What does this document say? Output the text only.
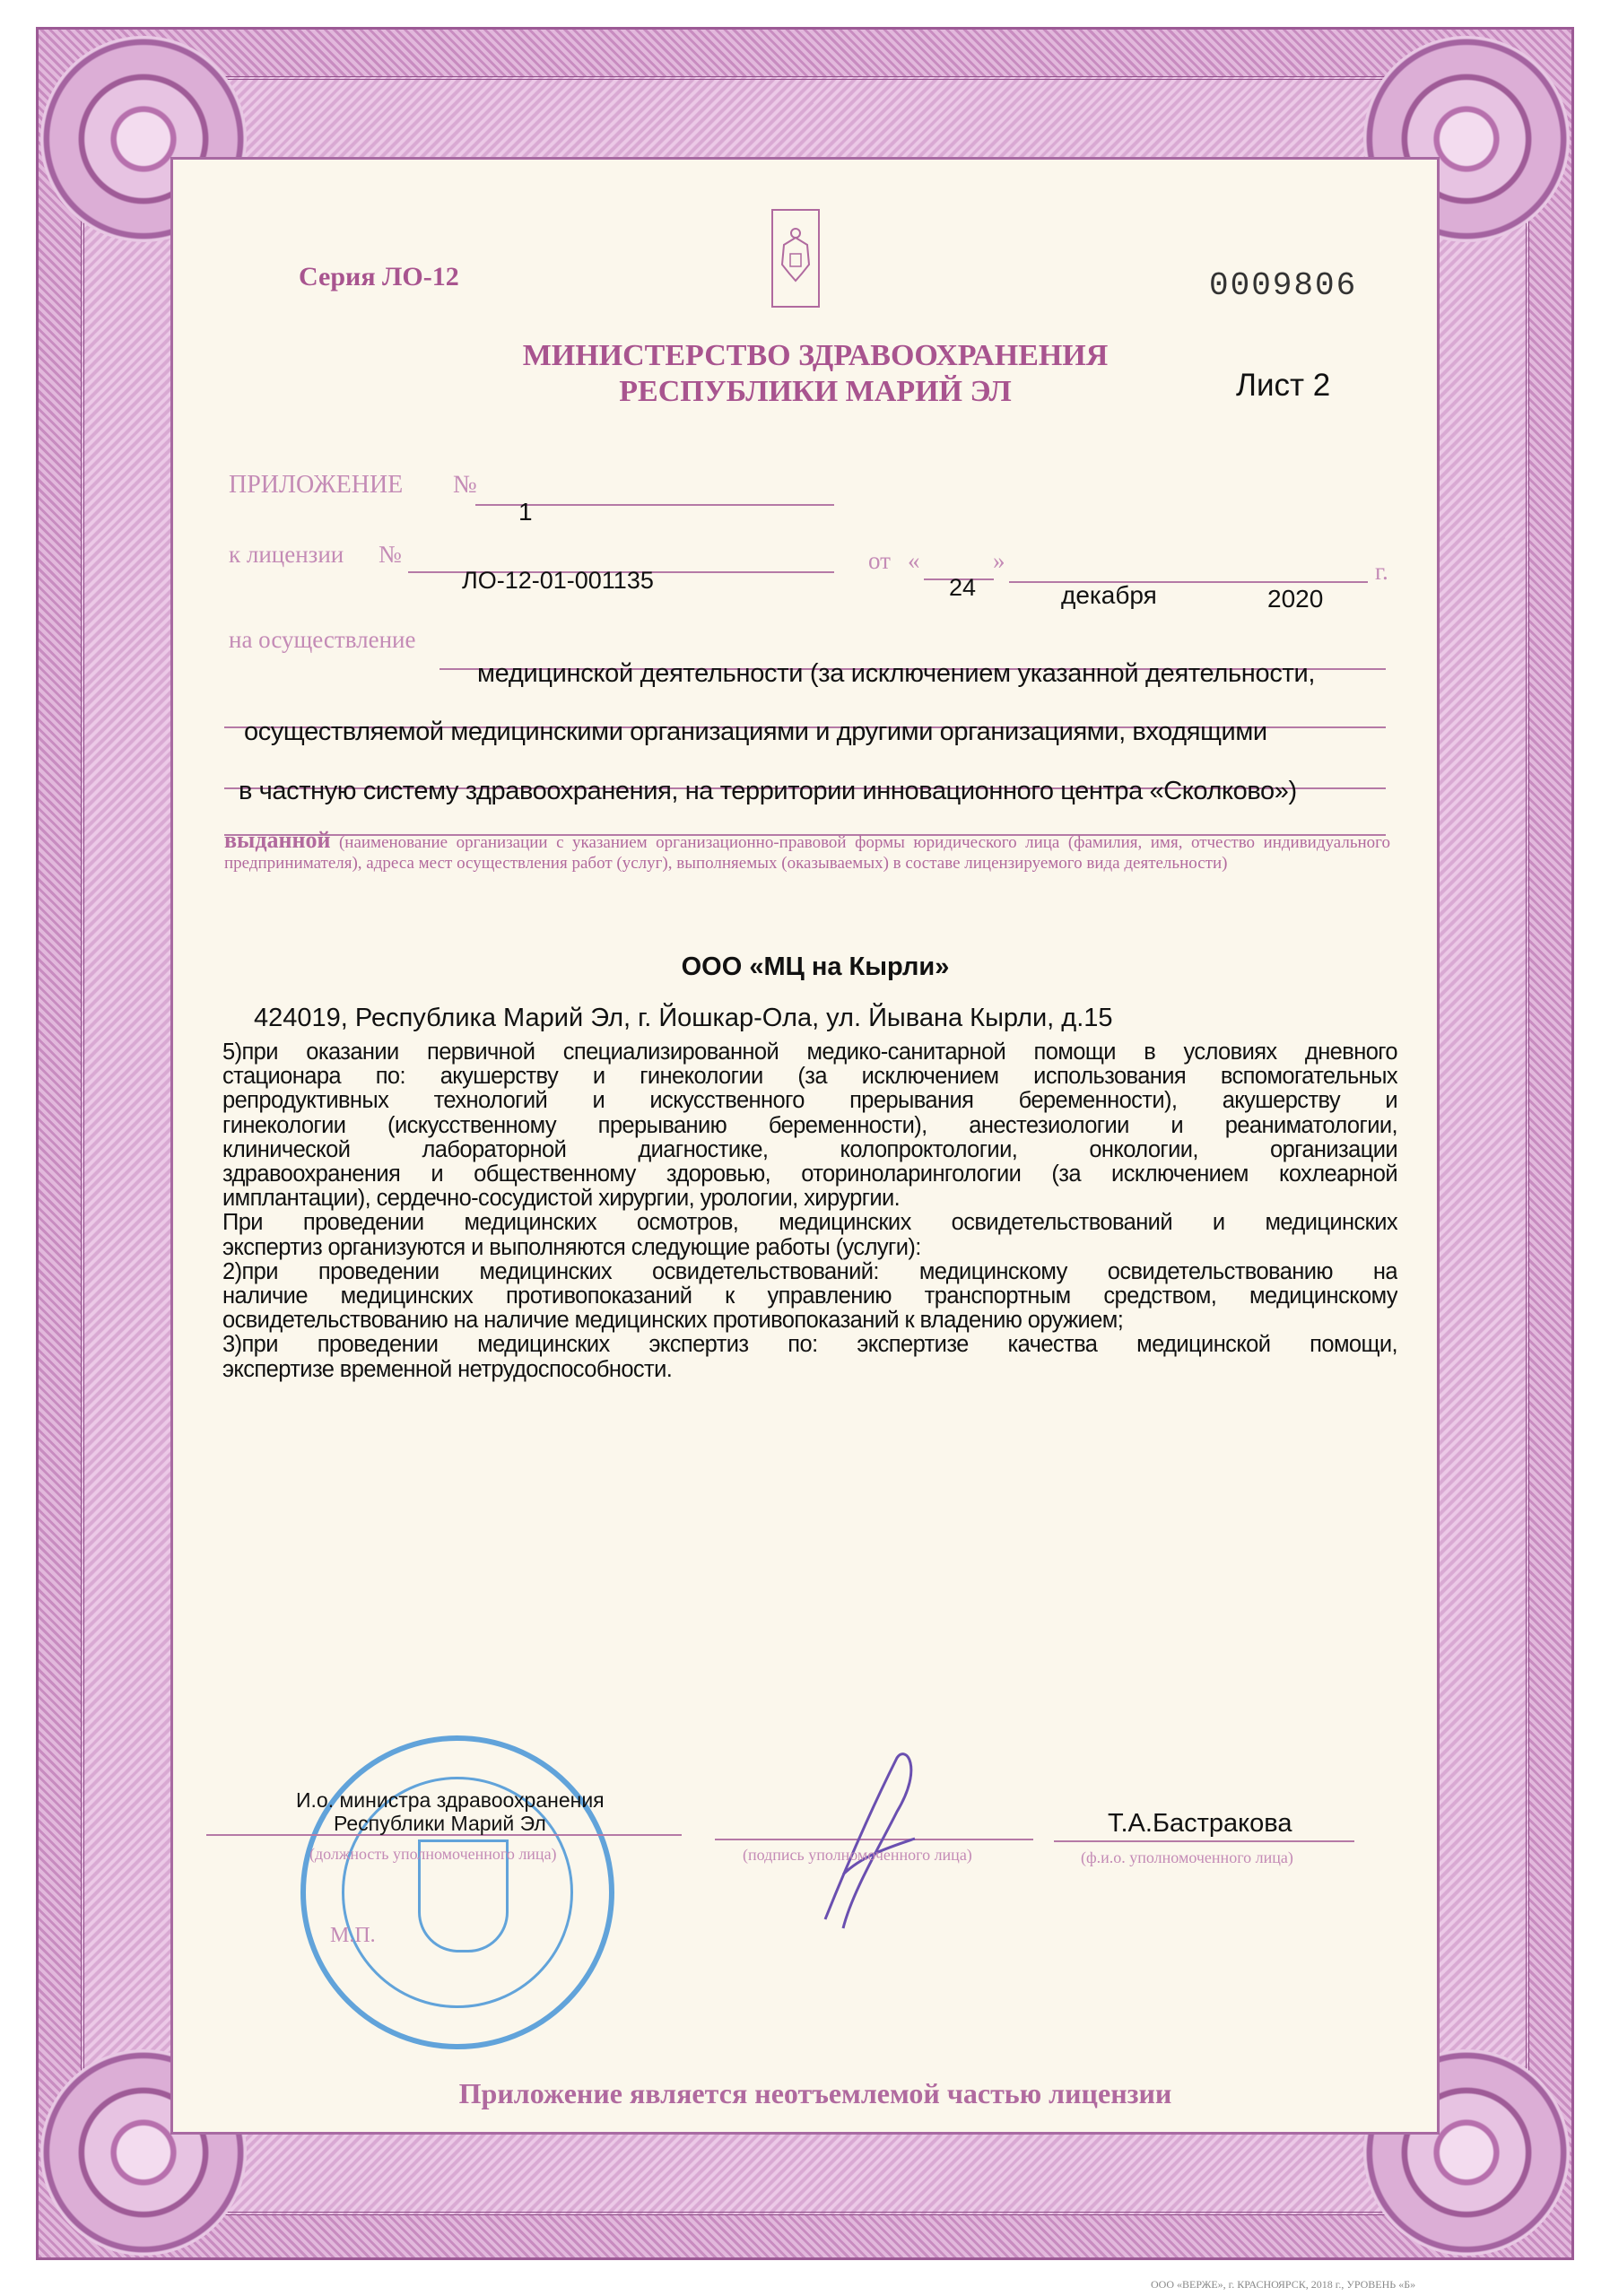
Серия ЛО-12	0009806
МИНИСТЕРСТВО ЗДРАВООХРАНЕНИЯ
РЕСПУБЛИКИ МАРИЙ ЭЛ	Лист 2
ПРИЛОЖЕНИЕ №
1
к лицензии №
ЛО-12-01-001135
от «
24
»
декабря	2020
г.
на осуществление
медицинской деятельности (за исключением указанной деятельности,
осуществляемой медицинскими организациями и другими организациями, входящими
в частную систему здравоохранения, на территории инновационного центра «Сколково»)
выданной (наименование организации с указанием организационно-правовой формы юридического лица (фамилия, имя, отчество индивидуального предпринимателя), адреса мест осуществления работ (услуг), выполняемых (оказываемых) в составе лицензируемого вида деятельности)
ООО «МЦ на Кырли»
424019, Республика Марий Эл, г. Йошкар-Ола, ул. Йывана Кырли, д.15
5)при оказании первичной специализированной медико-санитарной помощи в условиях дневного
стационара по: акушерству и гинекологии (за исключением использования вспомогательных
репродуктивных технологий и искусственного прерывания беременности), акушерству и
гинекологии (искусственному прерыванию беременности), анестезиологии и реаниматологии,
клинической лабораторной диагностике, колопроктологии, онкологии, организации
здравоохранения и общественному здоровью, оториноларингологии (за исключением кохлеарной
имплантации), сердечно-сосудистой хирургии, урологии, хирургии.
При проведении медицинских осмотров, медицинских освидетельствований и медицинских
экспертиз организуются и выполняются следующие работы (услуги):
2)при проведении медицинских освидетельствований: медицинскому освидетельствованию на
наличие медицинских противопоказаний к управлению транспортным средством, медицинскому
освидетельствованию на наличие медицинских противопоказаний к владению оружием;
3)при проведении медицинских экспертиз по: экспертизе качества медицинской помощи,
экспертизе временной нетрудоспособности.
И.о. министра здравоохранения
Республики Марий Эл
(должность уполномоченного лица)	(подпись уполномоченного лица)
Т.А.Бастракова
(ф.и.о. уполномоченного лица)
М.П.
Приложение является неотъемлемой частью лицензии
ООО «ВЕРЖЕ», г. КРАСНОЯРСК, 2018 г., УРОВЕНЬ «Б»
